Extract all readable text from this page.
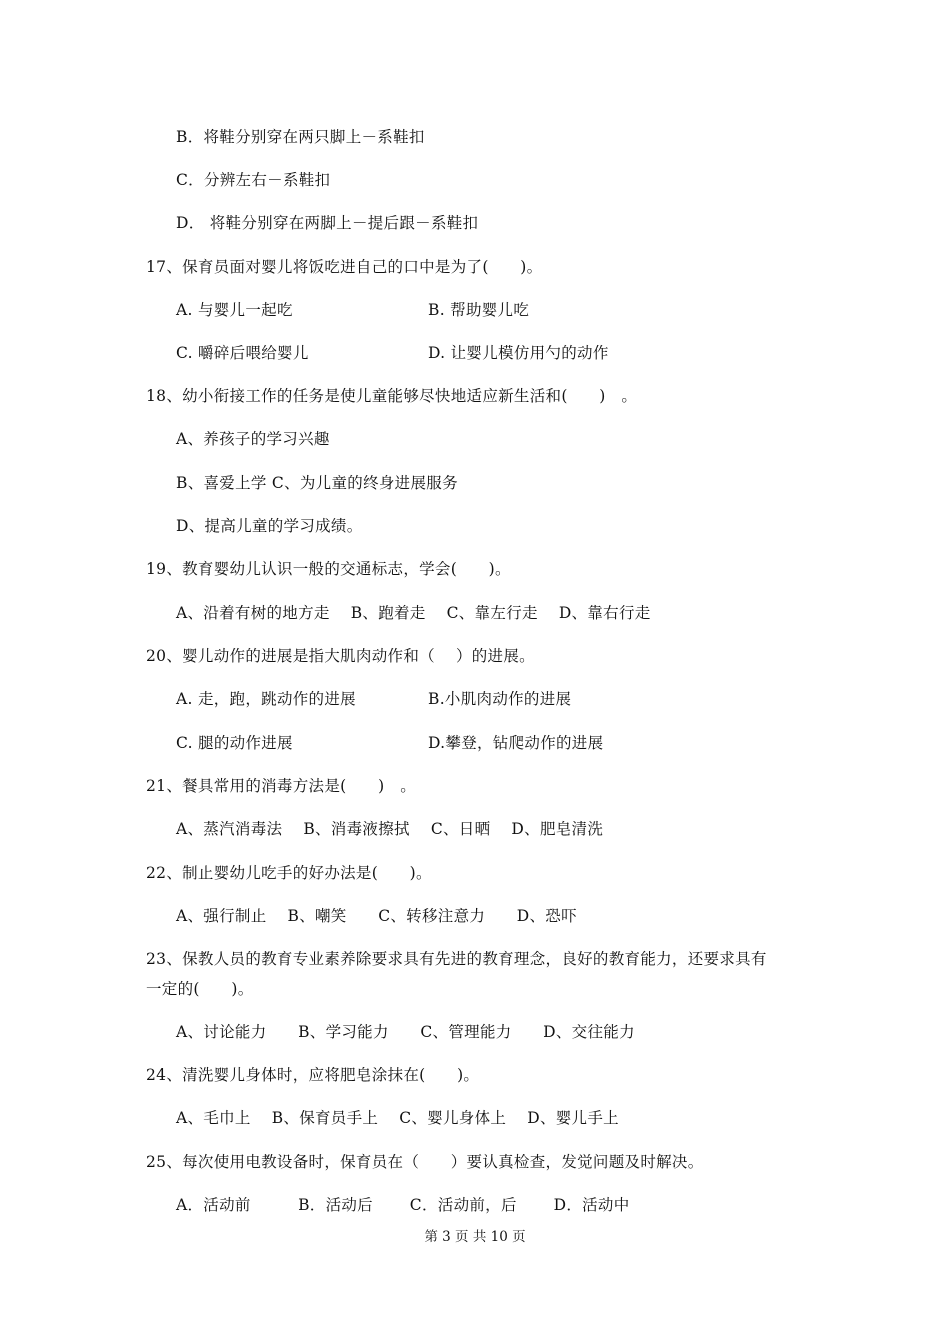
B．将鞋分别穿在两只脚上－系鞋扣
C．分辨左右－系鞋扣
D． 将鞋分别穿在两脚上－提后跟－系鞋扣
17、保育员面对婴儿将饭吃进自己的口中是为了(　　)。
A. 与婴儿一起吃	B. 帮助婴儿吃
C. 嚼碎后喂给婴儿	D. 让婴儿模仿用勺的动作
18、幼小衔接工作的任务是使儿童能够尽快地适应新生活和(　　)　。
A、养孩子的学习兴趣
B、喜爱上学 C、为儿童的终身进展服务
D、提高儿童的学习成绩。
19、教育婴幼儿认识一般的交通标志，学会(　　)。
A、沿着有树的地方走　 B、跑着走　 C、靠左行走　 D、靠右行走
20、婴儿动作的进展是指大肌肉动作和（　 ）的进展。
A. 走，跑，跳动作的进展	B.小肌肉动作的进展
C. 腿的动作进展	D.攀登，钻爬动作的进展
21、餐具常用的消毒方法是(　　)　。
A、蒸汽消毒法　 B、消毒液擦拭　 C、日晒　 D、肥皂清洗
22、制止婴幼儿吃手的好办法是(　　)。
A、强行制止　 B、嘲笑　　C、转移注意力　　D、恐吓
23、保教人员的教育专业素养除要求具有先进的教育理念，良好的教育能力，还要求具有
一定的(　　)。
A、讨论能力　　B、学习能力　　C、管理能力　　D、交往能力
24、清洗婴儿身体时，应将肥皂涂抹在(　　)。
A、毛巾上　 B、保育员手上　 C、婴儿身体上　 D、婴儿手上
25、每次使用电教设备时，保育员在（　　）要认真检查，发觉问题及时解决。
A．活动前　　　B．活动后　　 C．活动前，后　　 D．活动中
第 3 页 共 10 页
